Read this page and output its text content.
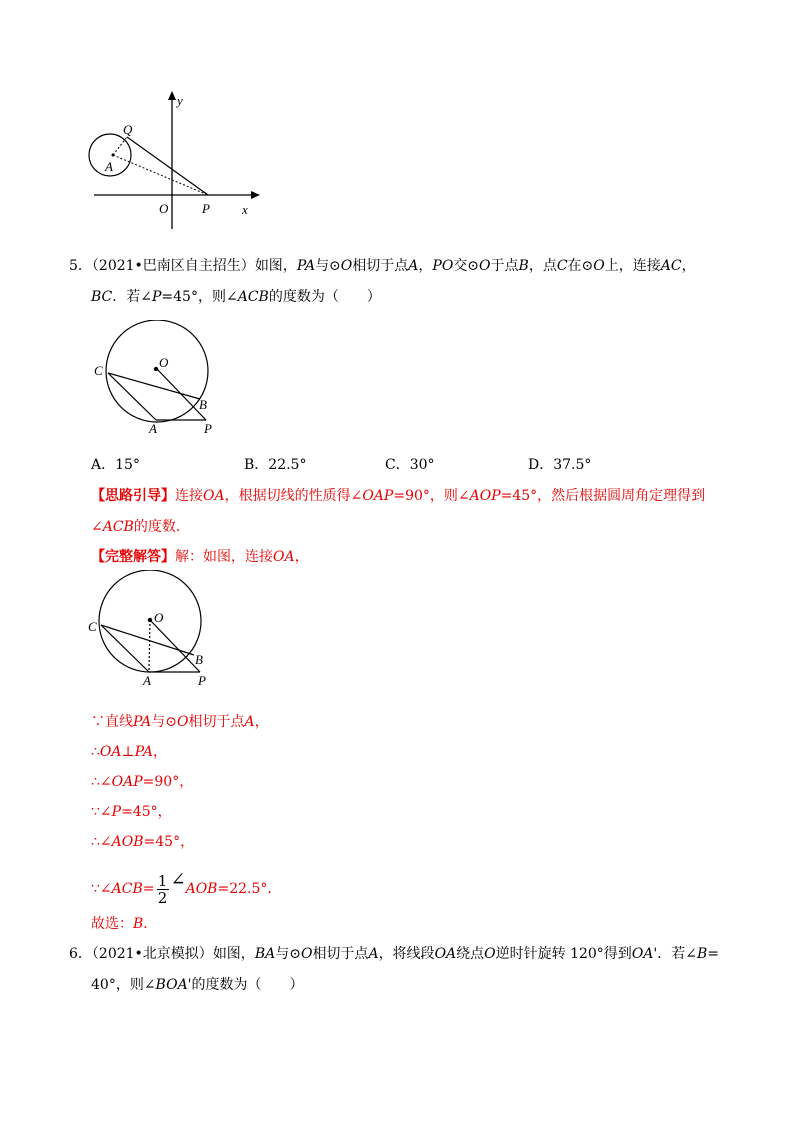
y
Q
A
O	P x
5．（2021•巴南区自主招生）如图，PA与⊙O相切于点A，PO交⊙O于点B，点C在⊙O上，连接AC，
BC．若∠P=45°，则∠ACB的度数为（　　）
O
C
B
A	P
A．15°	B．22.5°	C．30°	D．37.5°
【思路引导】连接OA，根据切线的性质得∠OAP=90°，则∠AOP=45°，然后根据圆周角定理得到
∠ACB的度数．
【完整解答】解：如图，连接OA，
O
C
B
A	P
∵直线PA与⊙O相切于点A，
∴OA⊥PA，
∴∠OAP=90°，
∵∠P=45°，
∴∠AOB=45°，
∵∠ACB= $\frac{1}{2}$ ∠AOB=22.5°．
故选：B．
6．（2021•北京模拟）如图，BA与⊙O相切于点A，将线段OA绕点O逆时针旋转 120°得到OA'．若∠B=
40°，则∠BOA'的度数为（　　）
